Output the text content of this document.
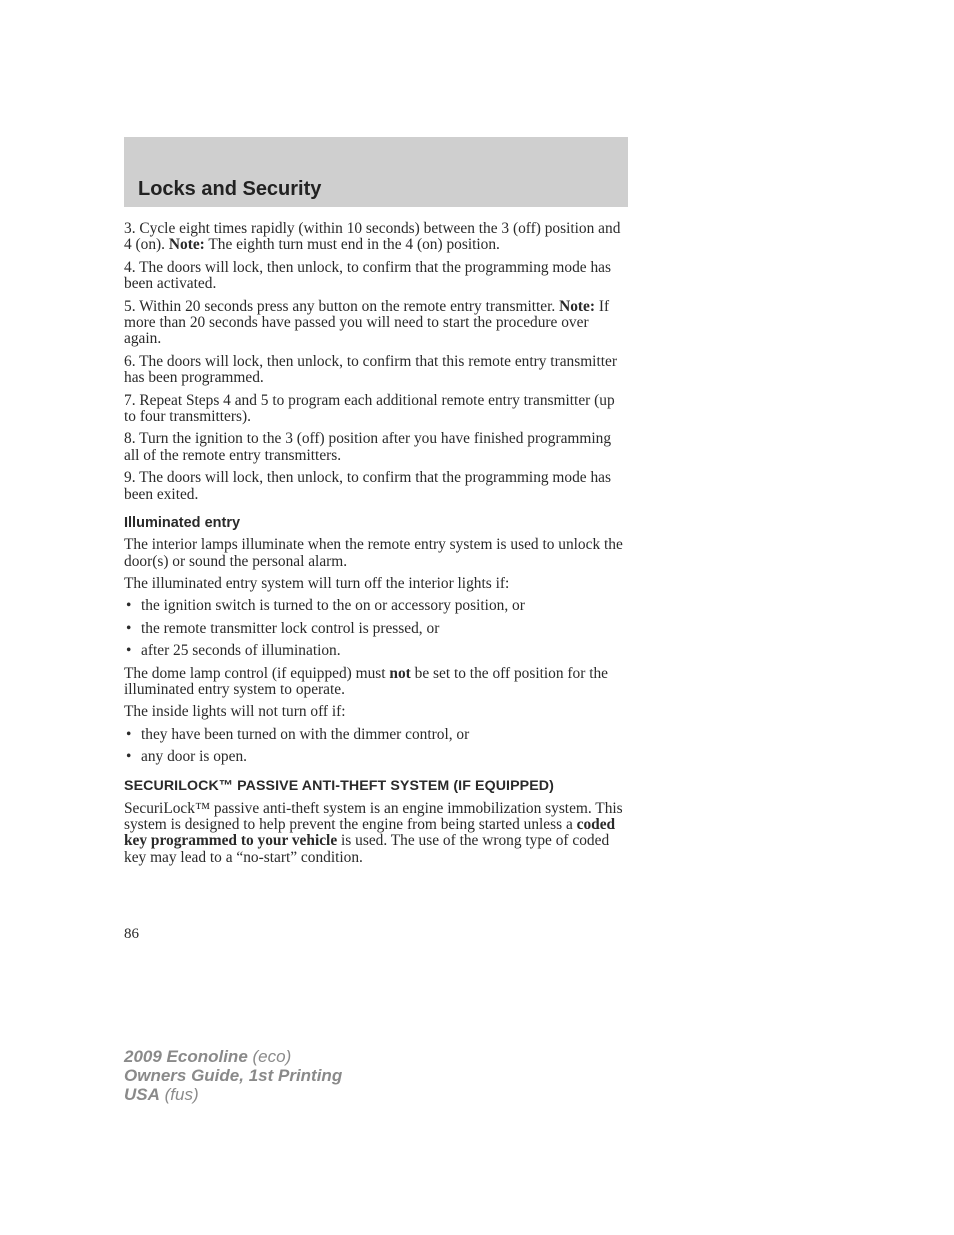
Locks and Security

3. Cycle eight times rapidly (within 10 seconds) between the 3 (off) position and 4 (on). Note: The eighth turn must end in the 4 (on) position.

4. The doors will lock, then unlock, to confirm that the programming mode has been activated.

5. Within 20 seconds press any button on the remote entry transmitter. Note: If more than 20 seconds have passed you will need to start the procedure over again.

6. The doors will lock, then unlock, to confirm that this remote entry transmitter has been programmed.

7. Repeat Steps 4 and 5 to program each additional remote entry transmitter (up to four transmitters).

8. Turn the ignition to the 3 (off) position after you have finished programming all of the remote entry transmitters.

9. The doors will lock, then unlock, to confirm that the programming mode has been exited.

Illuminated entry

The interior lamps illuminate when the remote entry system is used to unlock the door(s) or sound the personal alarm.

The illuminated entry system will turn off the interior lights if:

• the ignition switch is turned to the on or accessory position, or
• the remote transmitter lock control is pressed, or
• after 25 seconds of illumination.

The dome lamp control (if equipped) must not be set to the off position for the illuminated entry system to operate.

The inside lights will not turn off if:

• they have been turned on with the dimmer control, or
• any door is open.
SECURILOCK™ PASSIVE ANTI-THEFT SYSTEM (IF EQUIPPED)

SecuriLock™ passive anti-theft system is an engine immobilization system. This system is designed to help prevent the engine from being started unless a coded key programmed to your vehicle is used. The use of the wrong type of coded key may lead to a “no-start” condition.

86
2009 Econoline (eco)
Owners Guide, 1st Printing
USA (fus)
